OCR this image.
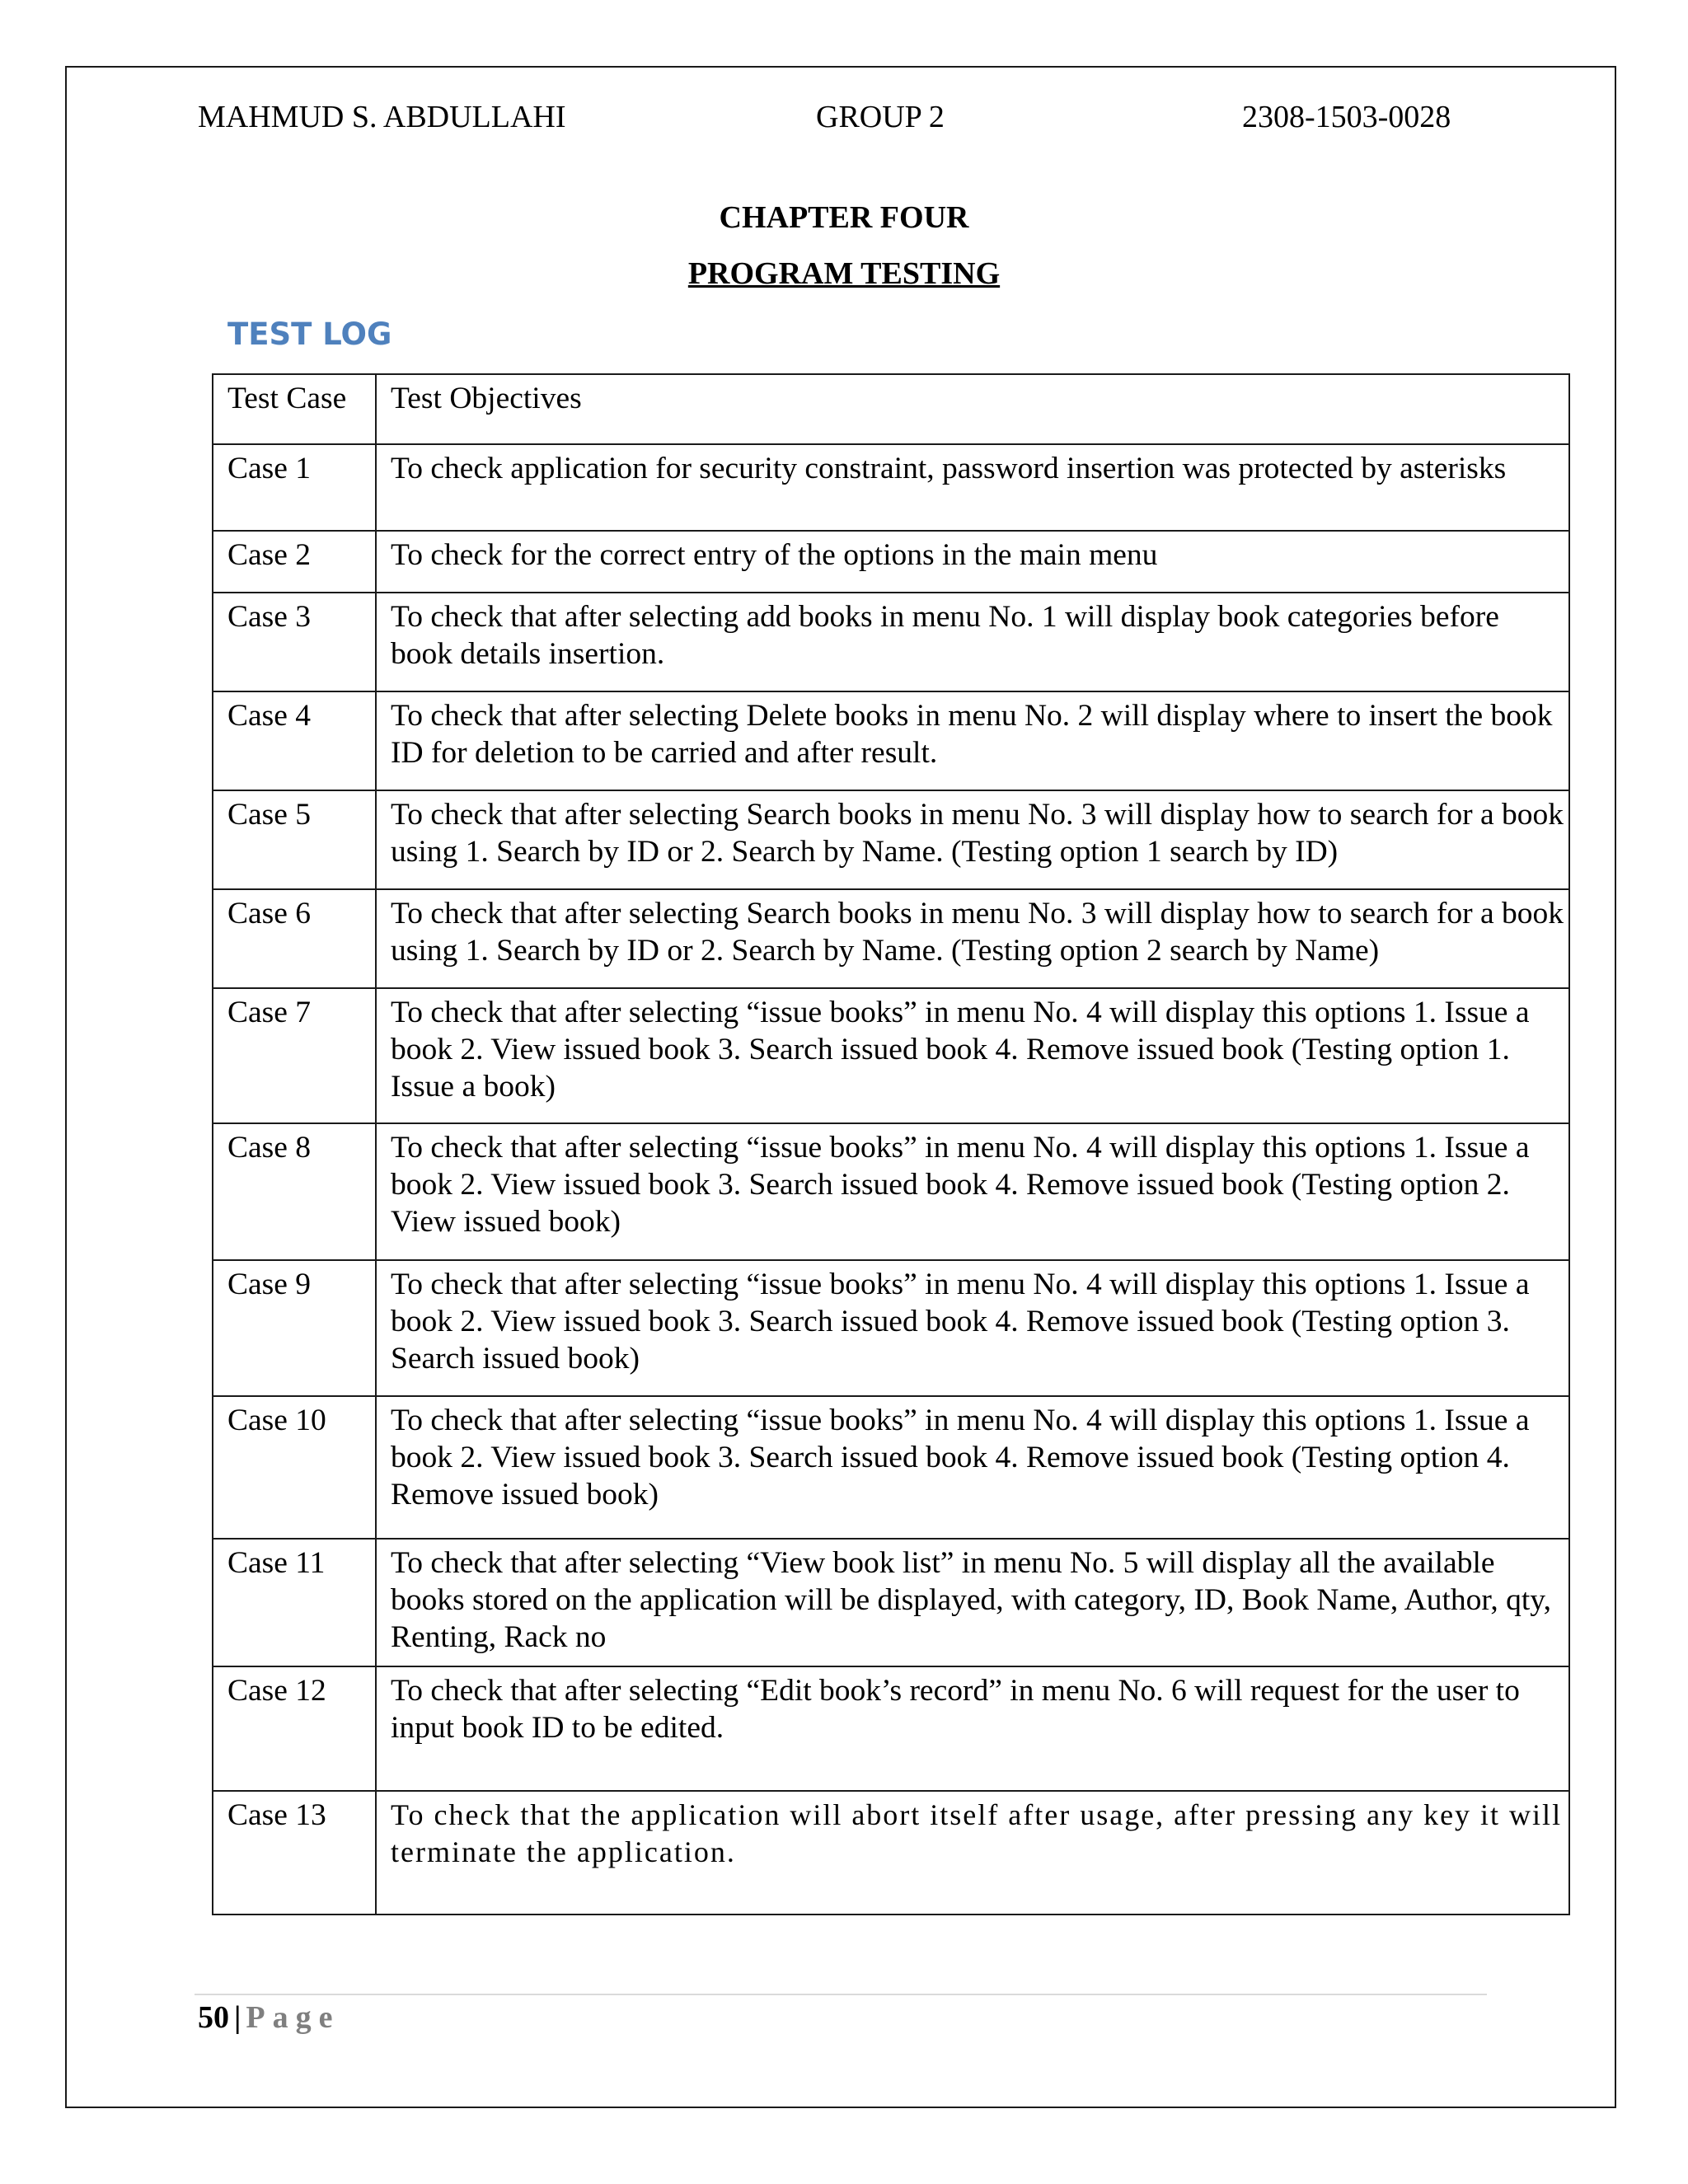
MAHMUD S. ABDULLAHI	GROUP 2	2308-1503-0028
CHAPTER FOUR
PROGRAM TESTING
TEST LOG
Test Case	Test Objectives
Case 1	To check application for security constraint, password insertion was protected by asterisks
Case 2	To check for the correct entry of the options in the main menu
Case 3	To check that after selecting add books in menu No. 1 will display book categories before book details insertion.
Case 4	To check that after selecting Delete books in menu No. 2 will display where to insert the book ID for deletion to be carried and after result.
Case 5	To check that after selecting Search books in menu No. 3 will display how to search for a book using 1. Search by ID or 2. Search by Name. (Testing option 1 search by ID)
Case 6	To check that after selecting Search books in menu No. 3 will display how to search for a book using 1. Search by ID or 2. Search by Name. (Testing option 2 search by Name)
Case 7	To check that after selecting “issue books” in menu No. 4 will display this options 1. Issue a book 2. View issued book 3. Search issued book 4. Remove issued book (Testing option 1. Issue a book)
Case 8	To check that after selecting “issue books” in menu No. 4 will display this options 1. Issue a book 2. View issued book 3. Search issued book 4. Remove issued book (Testing option 2. View issued book)
Case 9	To check that after selecting “issue books” in menu No. 4 will display this options 1. Issue a book 2. View issued book 3. Search issued book 4. Remove issued book (Testing option 3. Search issued book)
Case 10	To check that after selecting “issue books” in menu No. 4 will display this options 1. Issue a book 2. View issued book 3. Search issued book 4. Remove issued book (Testing option 4. Remove issued book)
Case 11	To check that after selecting “View book list” in menu No. 5 will display all the available books stored on the application will be displayed, with category, ID, Book Name, Author, qty, Renting, Rack no
Case 12	To check that after selecting “Edit book’s record” in menu No. 6 will request for the user to input book ID to be edited.
Case 13	To check that the application will abort itself after usage, after pressing any key it will terminate the application.
50 | Page
